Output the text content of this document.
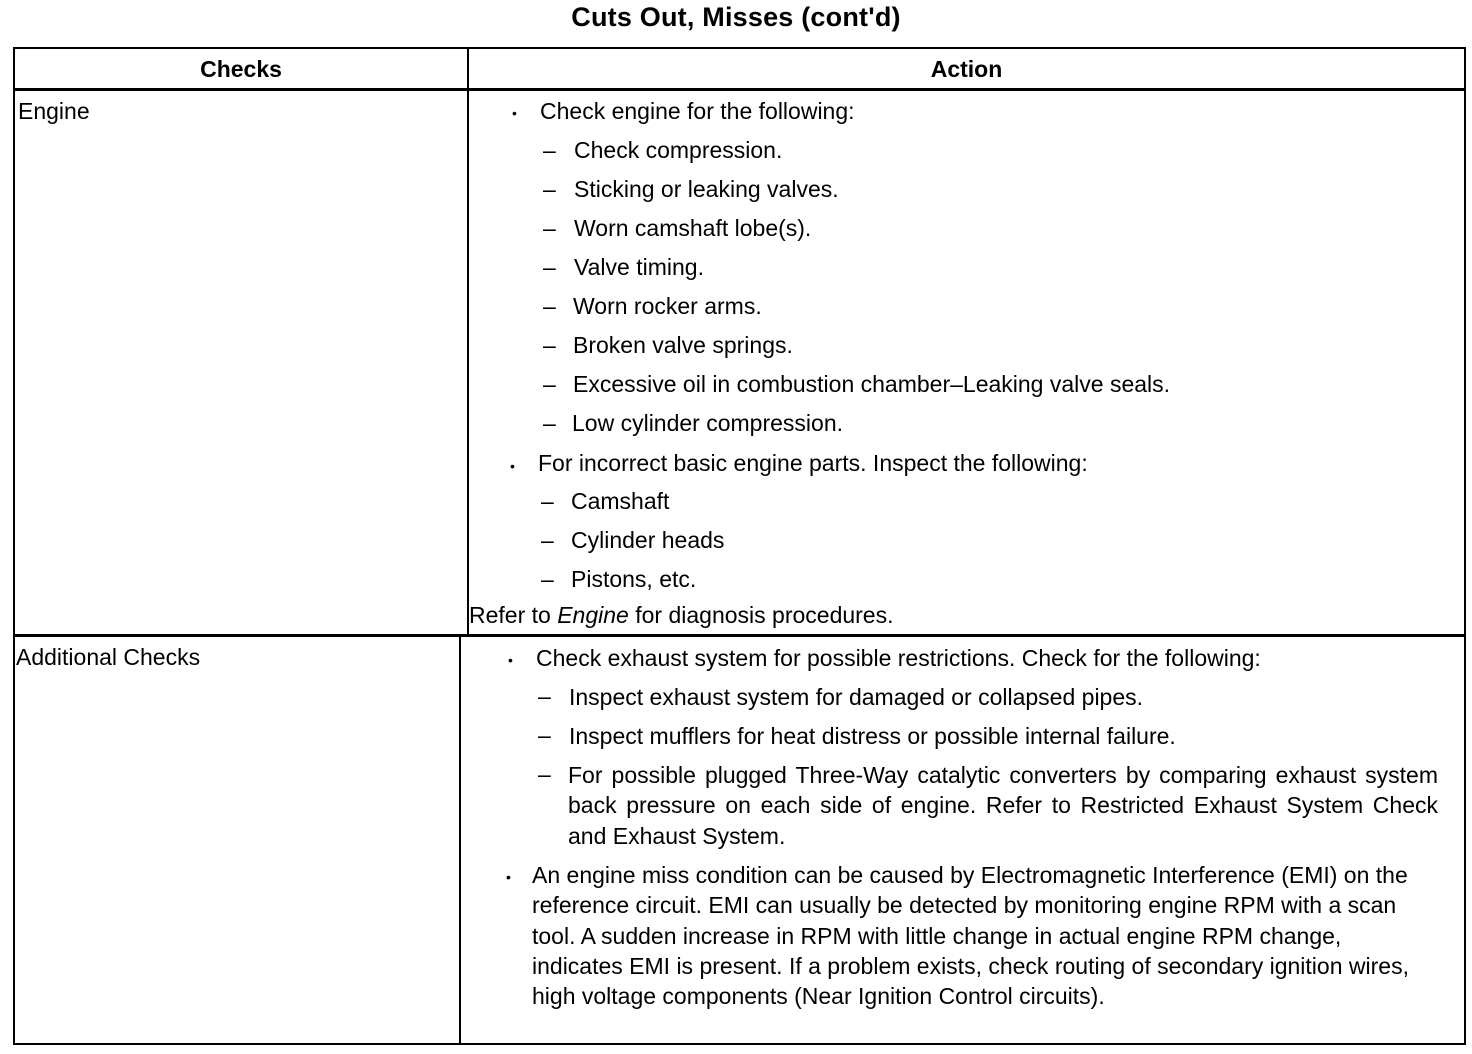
Cuts Out, Misses (cont'd)
Checks	Action
Engine	• Check engine for the following:
– Check compression.
– Sticking or leaking valves.
– Worn camshaft lobe(s).
– Valve timing.
– Worn rocker arms.
– Broken valve springs.
– Excessive oil in combustion chamber–Leaking valve seals.
– Low cylinder compression.
• For incorrect basic engine parts. Inspect the following:
– Camshaft
– Cylinder heads
– Pistons, etc.
Refer to Engine for diagnosis procedures.
Additional Checks	• Check exhaust system for possible restrictions. Check for the following:
– Inspect exhaust system for damaged or collapsed pipes.
– Inspect mufflers for heat distress or possible internal failure.
– For possible plugged Three-Way catalytic converters by comparing exhaust system back pressure on each side of engine. Refer to Restricted Exhaust System Check and Exhaust System.
• An engine miss condition can be caused by Electromagnetic Interference (EMI) on the reference circuit. EMI can usually be detected by monitoring engine RPM with a scan tool. A sudden increase in RPM with little change in actual engine RPM change, indicates EMI is present. If a problem exists, check routing of secondary ignition wires, high voltage components (Near Ignition Control circuits).
